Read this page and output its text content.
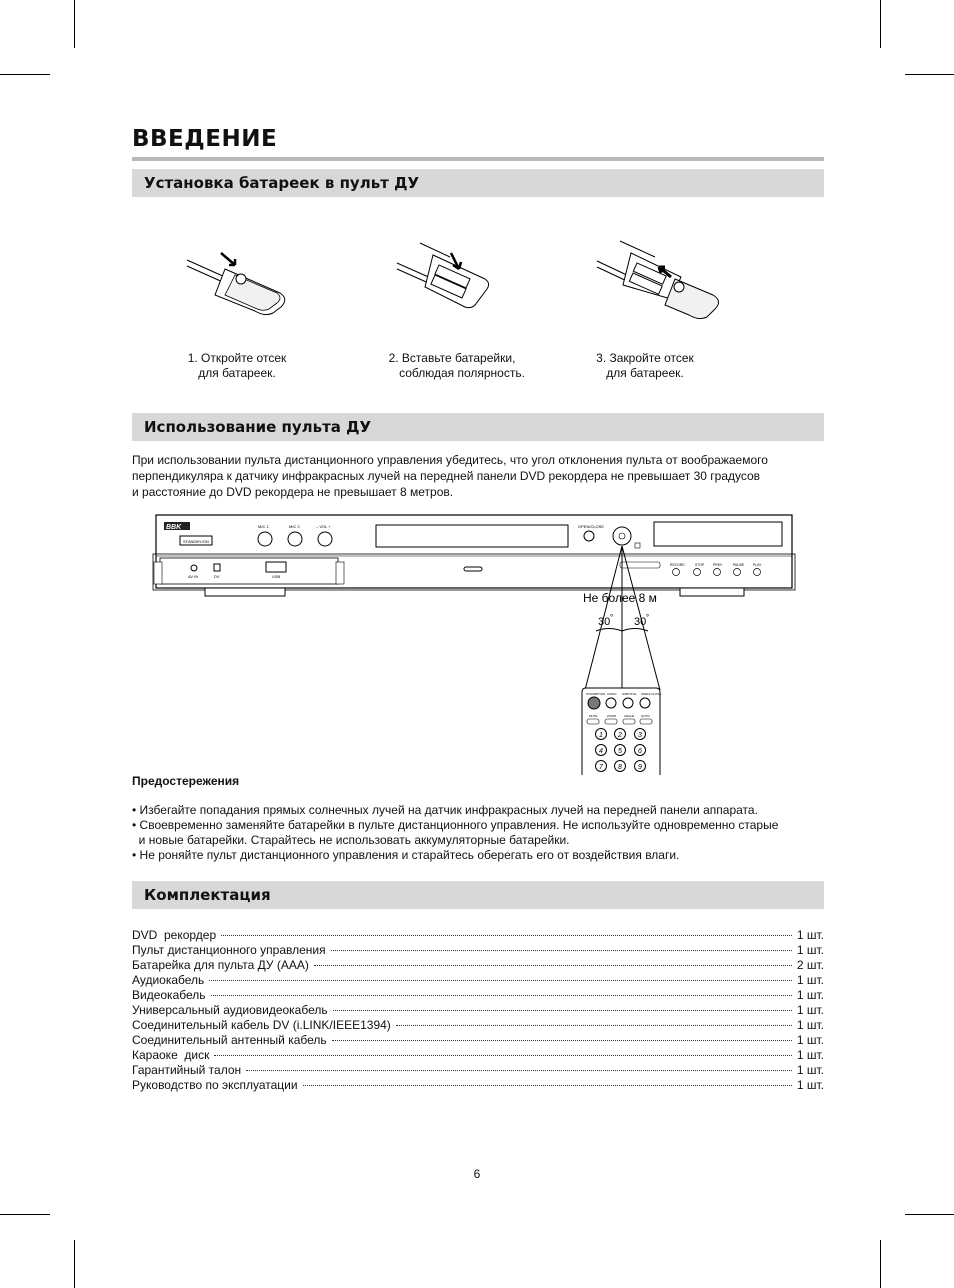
ВВЕДЕНИЕ
Установка батареек в пульт ДУ
1. Откройте отсек
для батареек.
2. Вставьте батарейки,
соблюдая полярность.
3. Закройте отсек
для батареек.
Использование пульта ДУ

При использовании пульта дистанционного управления убедитесь, что угол отклонения пульта от воображаемого

перпендикуляра к датчику инфракрасных лучей на передней панели DVD рекордера не превышает 30 градусов

и расстояние до DVD рекордера не превышает 8 метров.

BBK
STANDBY/ON
MIC 1	MIC 2	– VOL +	OPEN/CLOSE
AV IN	DV	USB
RECORD	STOP	PREV	PAUSE	PLAY
Не более 8 м
30 ° 30 °
STANDBY/ON AUDIO SUBTITLE OPEN/ CLOSE
MUTE	ZOOM	ANGLE GOTO
1 2 3
4 5 6
7 8 9
Предостережения
• Избегайте попадания прямых солнечных лучей на датчик инфракрасных лучей на передней панели аппарата.
• Своевременно заменяйте батарейки в пульте дистанционного управления. Не используйте одновременно старые
и новые батарейки. Старайтесь не использовать аккумуляторные батарейки.
• Не роняйте пульт дистанционного управления и старайтесь оберегать его от воздействия влаги.
Комплектация
DVD  рекордер	1 шт.
Пульт дистанционного управления	1 шт.
Батарейка для пульта ДУ (ААА)	2 шт.
Аудиокабель	1 шт.
Видеокабель	1 шт.
Универсальный аудиовидеокабель	1 шт.
Соединительный кабель DV (i.LINK/IEEE1394)	1 шт.
Соединительный антенный кабель	1 шт.
Караоке  диск	1 шт.
Гарантийный талон	1 шт.
Руководство по эксплуатации	1 шт.
6
